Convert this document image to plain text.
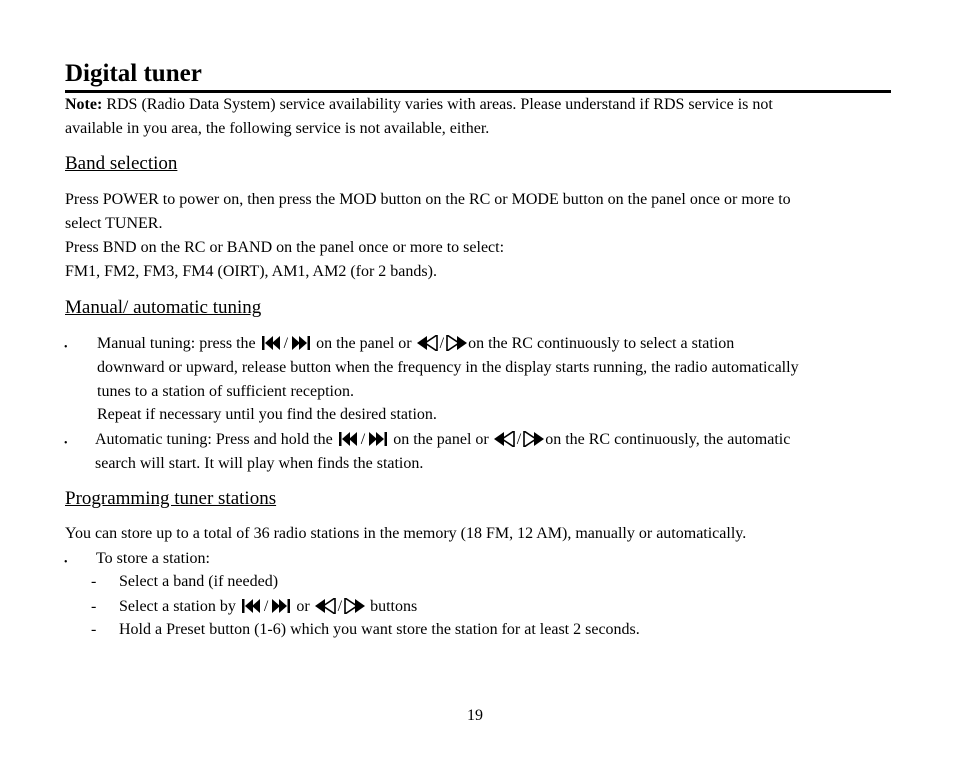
Digital tuner
Note: RDS (Radio Data System) service availability varies with areas. Please understand if RDS service is not
available in you area, the following service is not available, either.
Band selection
Press POWER to power on, then press the MOD button on the RC or MODE button on the panel once or more to
select TUNER.
Press BND on the RC or BAND on the panel once or more to select:
FM1, FM2, FM3, FM4 (OIRT), AM1, AM2 (for 2 bands).
Manual/ automatic tuning
• Manual tuning: press the / on the panel or / on the RC continuously to select a station
downward or upward, release button when the frequency in the display starts running, the radio automatically
tunes to a station of sufficient reception.
Repeat if necessary until you find the desired station.
• Automatic tuning: Press and hold the / on the panel or / on the RC continuously, the automatic
search will start. It will play when finds the station.
Programming tuner stations
You can store up to a total of 36 radio stations in the memory (18 FM, 12 AM), manually or automatically.
• To store a station:
- Select a band (if needed)
- Select a station by / or / buttons
- Hold a Preset button (1-6) which you want store the station for at least 2 seconds.
19
